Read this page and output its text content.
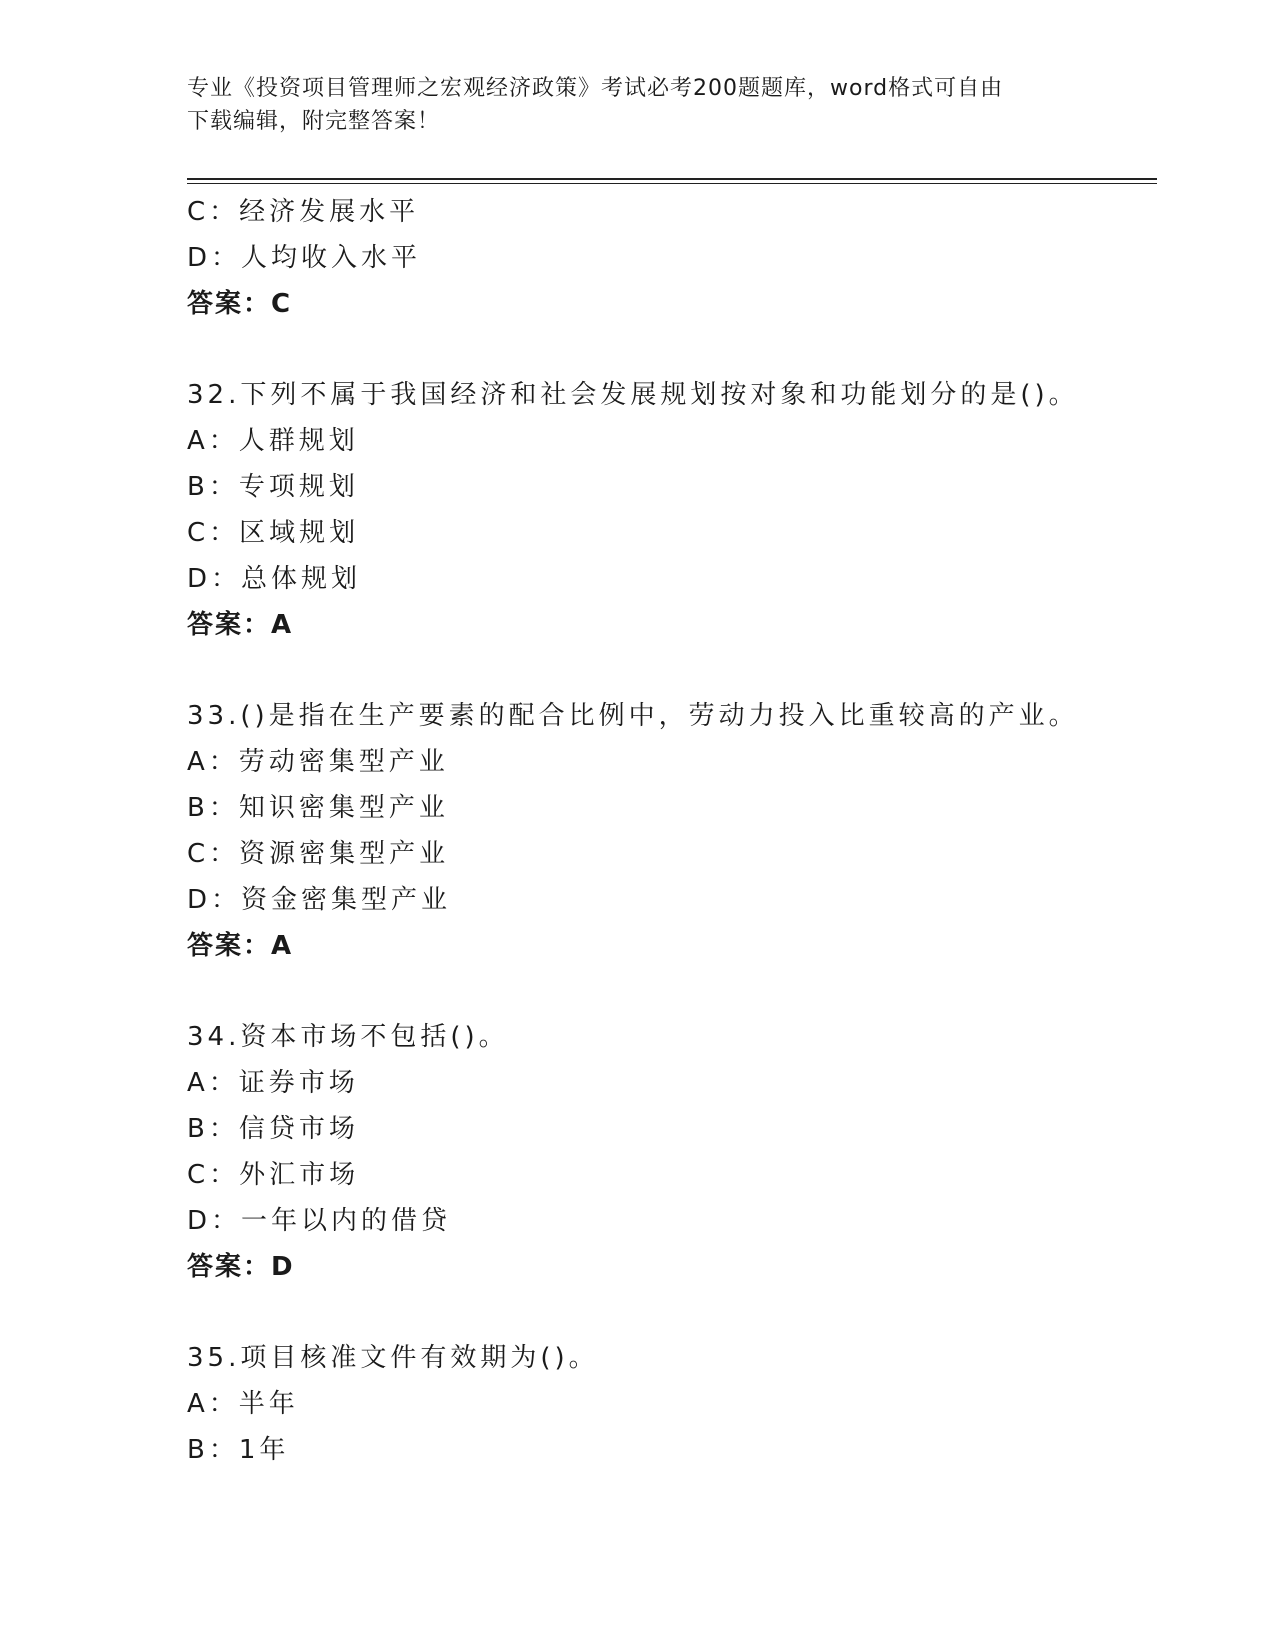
专业《投资项目管理师之宏观经济政策》考试必考200题题库，word格式可自由
下载编辑，附完整答案！
C：经济发展水平
D：人均收入水平
答案：C
32.下列不属于我国经济和社会发展规划按对象和功能划分的是()。
A：人群规划
B：专项规划
C：区域规划
D：总体规划
答案：A
33.()是指在生产要素的配合比例中，劳动力投入比重较高的产业。
A：劳动密集型产业
B：知识密集型产业
C：资源密集型产业
D：资金密集型产业
答案：A
34.资本市场不包括()。
A：证券市场
B：信贷市场
C：外汇市场
D：一年以内的借贷
答案：D
35.项目核准文件有效期为()。
A：半年
B：1年
